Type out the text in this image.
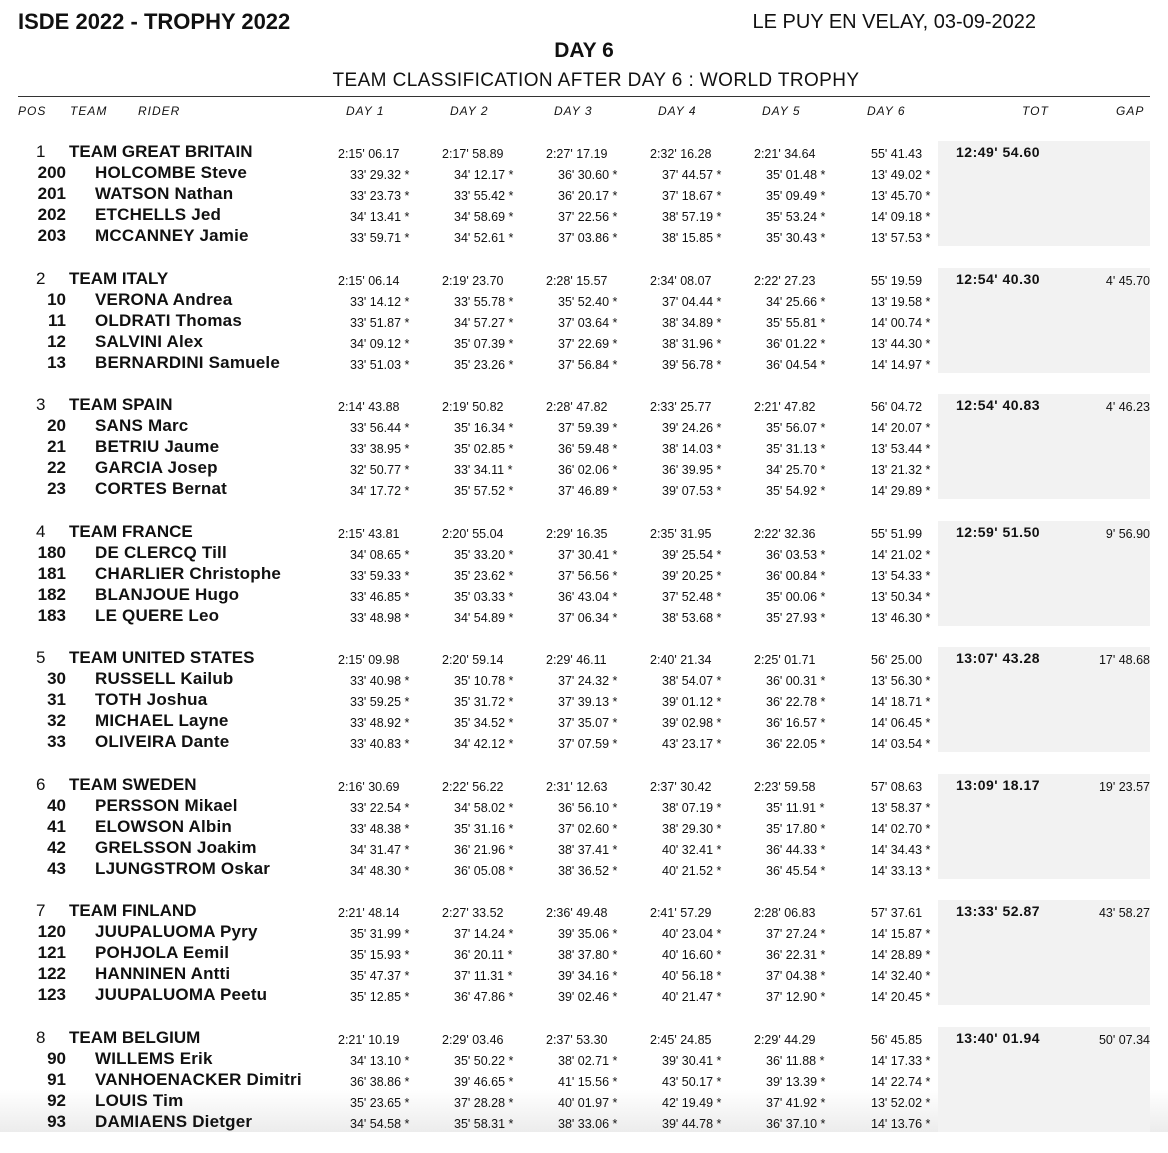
ISDE 2022 - TROPHY 2022	LE PUY EN VELAY, 03-09-2022
DAY 6
TEAM CLASSIFICATION AFTER DAY 6 : WORLD TROPHY
POS TEAM	RIDER	DAY 1	DAY 2	DAY 3	DAY 4	DAY 5	DAY 6	TOT	GAP
1 TEAM GREAT BRITAIN	2:15' 06.17	2:17' 58.89	2:27' 17.19	2:32' 16.28	2:21' 34.64	55' 41.43	12:49' 54.60
200 HOLCOMBE Steve	33' 29.32 *	34' 12.17 *	36' 30.60 *	37' 44.57 *	35' 01.48 *	13' 49.02 *
201 WATSON Nathan	33' 23.73 *	33' 55.42 *	36' 20.17 *	37' 18.67 *	35' 09.49 *	13' 45.70 *
202 ETCHELLS Jed	34' 13.41 *	34' 58.69 *	37' 22.56 *	38' 57.19 *	35' 53.24 *	14' 09.18 *
203 MCCANNEY Jamie	33' 59.71 *	34' 52.61 *	37' 03.86 *	38' 15.85 *	35' 30.43 *	13' 57.53 *
2 TEAM ITALY	2:15' 06.14	2:19' 23.70	2:28' 15.57	2:34' 08.07	2:22' 27.23	55' 19.59	12:54' 40.30	4' 45.70
10 VERONA Andrea	33' 14.12 *	33' 55.78 *	35' 52.40 *	37' 04.44 *	34' 25.66 *	13' 19.58 *
11 OLDRATI Thomas	33' 51.87 *	34' 57.27 *	37' 03.64 *	38' 34.89 *	35' 55.81 *	14' 00.74 *
12 SALVINI Alex	34' 09.12 *	35' 07.39 *	37' 22.69 *	38' 31.96 *	36' 01.22 *	13' 44.30 *
13 BERNARDINI Samuele	33' 51.03 *	35' 23.26 *	37' 56.84 *	39' 56.78 *	36' 04.54 *	14' 14.97 *
3 TEAM SPAIN	2:14' 43.88	2:19' 50.82	2:28' 47.82	2:33' 25.77	2:21' 47.82	56' 04.72	12:54' 40.83	4' 46.23
20 SANS Marc	33' 56.44 *	35' 16.34 *	37' 59.39 *	39' 24.26 *	35' 56.07 *	14' 20.07 *
21 BETRIU Jaume	33' 38.95 *	35' 02.85 *	36' 59.48 *	38' 14.03 *	35' 31.13 *	13' 53.44 *
22 GARCIA Josep	32' 50.77 *	33' 34.11 *	36' 02.06 *	36' 39.95 *	34' 25.70 *	13' 21.32 *
23 CORTES Bernat	34' 17.72 *	35' 57.52 *	37' 46.89 *	39' 07.53 *	35' 54.92 *	14' 29.89 *
4 TEAM FRANCE	2:15' 43.81	2:20' 55.04	2:29' 16.35	2:35' 31.95	2:22' 32.36	55' 51.99	12:59' 51.50	9' 56.90
180 DE CLERCQ Till	34' 08.65 *	35' 33.20 *	37' 30.41 *	39' 25.54 *	36' 03.53 *	14' 21.02 *
181 CHARLIER Christophe	33' 59.33 *	35' 23.62 *	37' 56.56 *	39' 20.25 *	36' 00.84 *	13' 54.33 *
182 BLANJOUE Hugo	33' 46.85 *	35' 03.33 *	36' 43.04 *	37' 52.48 *	35' 00.06 *	13' 50.34 *
183 LE QUERE Leo	33' 48.98 *	34' 54.89 *	37' 06.34 *	38' 53.68 *	35' 27.93 *	13' 46.30 *
5 TEAM UNITED STATES	2:15' 09.98	2:20' 59.14	2:29' 46.11	2:40' 21.34	2:25' 01.71	56' 25.00	13:07' 43.28	17' 48.68
30 RUSSELL Kailub	33' 40.98 *	35' 10.78 *	37' 24.32 *	38' 54.07 *	36' 00.31 *	13' 56.30 *
31 TOTH Joshua	33' 59.25 *	35' 31.72 *	37' 39.13 *	39' 01.12 *	36' 22.78 *	14' 18.71 *
32 MICHAEL Layne	33' 48.92 *	35' 34.52 *	37' 35.07 *	39' 02.98 *	36' 16.57 *	14' 06.45 *
33 OLIVEIRA Dante	33' 40.83 *	34' 42.12 *	37' 07.59 *	43' 23.17 *	36' 22.05 *	14' 03.54 *
6 TEAM SWEDEN	2:16' 30.69	2:22' 56.22	2:31' 12.63	2:37' 30.42	2:23' 59.58	57' 08.63	13:09' 18.17	19' 23.57
40 PERSSON Mikael	33' 22.54 *	34' 58.02 *	36' 56.10 *	38' 07.19 *	35' 11.91 *	13' 58.37 *
41 ELOWSON Albin	33' 48.38 *	35' 31.16 *	37' 02.60 *	38' 29.30 *	35' 17.80 *	14' 02.70 *
42 GRELSSON Joakim	34' 31.47 *	36' 21.96 *	38' 37.41 *	40' 32.41 *	36' 44.33 *	14' 34.43 *
43 LJUNGSTROM Oskar	34' 48.30 *	36' 05.08 *	38' 36.52 *	40' 21.52 *	36' 45.54 *	14' 33.13 *
7 TEAM FINLAND	2:21' 48.14	2:27' 33.52	2:36' 49.48	2:41' 57.29	2:28' 06.83	57' 37.61	13:33' 52.87	43' 58.27
120 JUUPALUOMA Pyry	35' 31.99 *	37' 14.24 *	39' 35.06 *	40' 23.04 *	37' 27.24 *	14' 15.87 *
121 POHJOLA Eemil	35' 15.93 *	36' 20.11 *	38' 37.80 *	40' 16.60 *	36' 22.31 *	14' 28.89 *
122 HANNINEN Antti	35' 47.37 *	37' 11.31 *	39' 34.16 *	40' 56.18 *	37' 04.38 *	14' 32.40 *
123 JUUPALUOMA Peetu	35' 12.85 *	36' 47.86 *	39' 02.46 *	40' 21.47 *	37' 12.90 *	14' 20.45 *
8 TEAM BELGIUM	2:21' 10.19	2:29' 03.46	2:37' 53.30	2:45' 24.85	2:29' 44.29	56' 45.85	13:40' 01.94	50' 07.34
90 WILLEMS Erik	34' 13.10 *	35' 50.22 *	38' 02.71 *	39' 30.41 *	36' 11.88 *	14' 17.33 *
91 VANHOENACKER Dimitri	36' 38.86 *	39' 46.65 *	41' 15.56 *	43' 50.17 *	39' 13.39 *	14' 22.74 *
92 LOUIS Tim	35' 23.65 *	37' 28.28 *	40' 01.97 *	42' 19.49 *	37' 41.92 *	13' 52.02 *
93 DAMIAENS Dietger	34' 54.58 *	35' 58.31 *	38' 33.06 *	39' 44.78 *	36' 37.10 *	14' 13.76 *
